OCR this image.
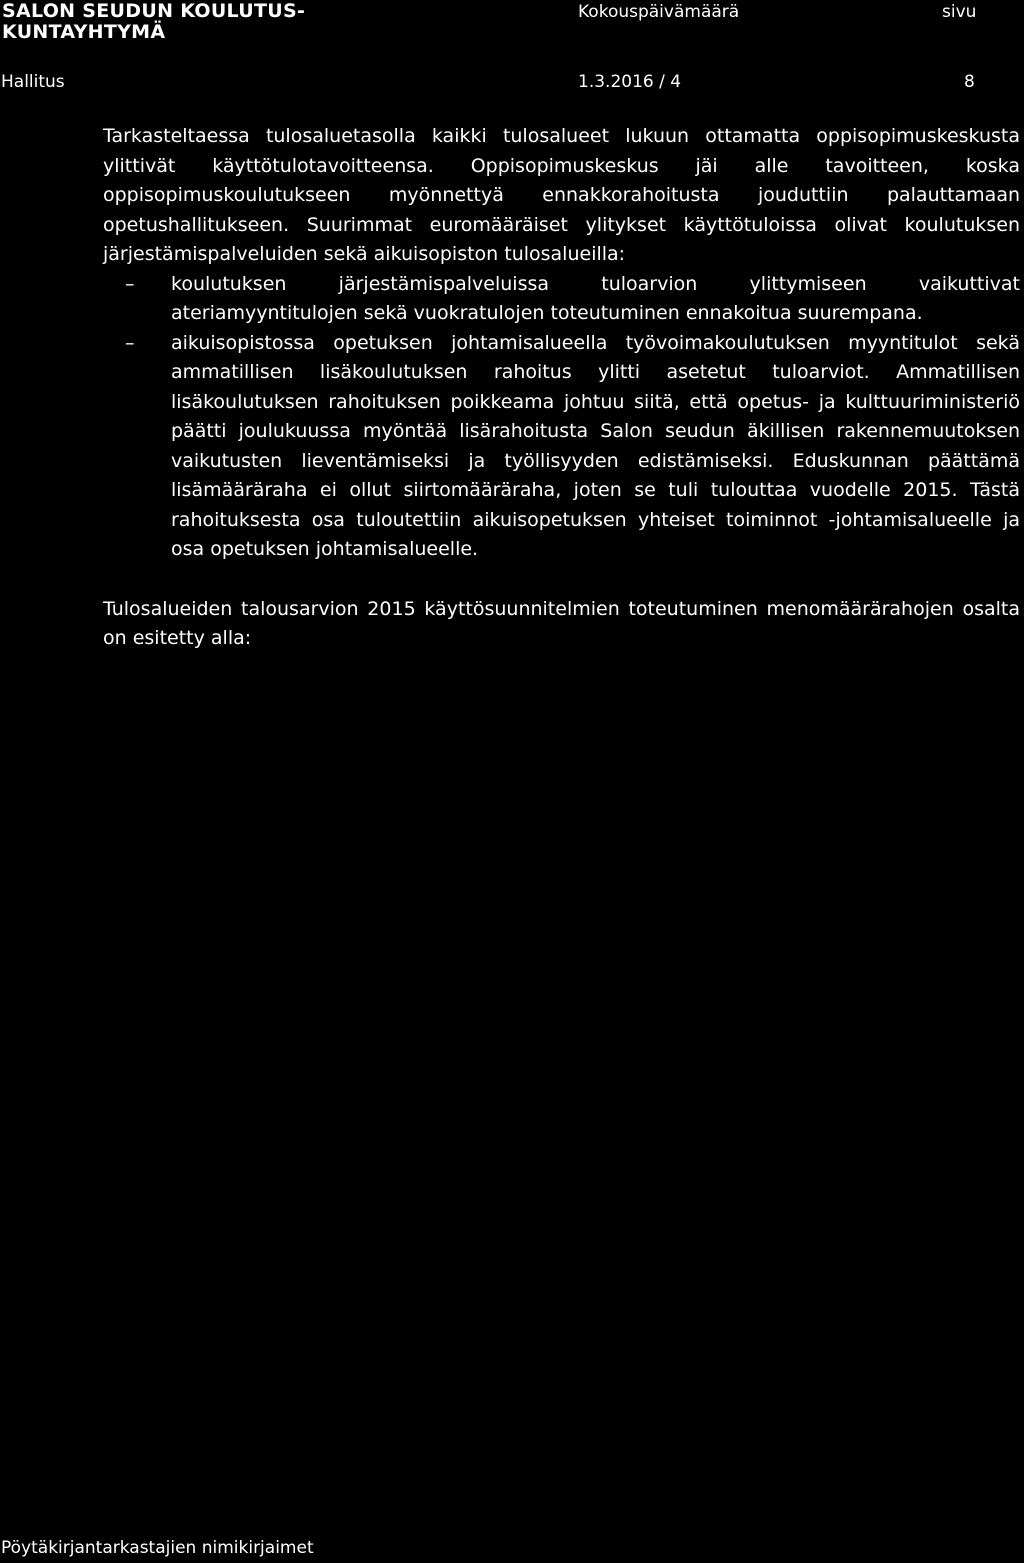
SALON SEUDUN KOULUTUS-
KUNTAYHTYMÄ
Kokouspäivämäärä	sivu
Hallitus	1.3.2016 / 4	8

Tarkasteltaessa tulosaluetasolla kaikki tulosalueet lukuun ottamatta oppisopimuskeskusta ylittivät käyttötulotavoitteensa. Oppisopimuskeskus jäi alle tavoitteen, koska oppisopimuskoulutukseen myönnettyä ennakkorahoitusta jouduttiin palauttamaan opetushallitukseen. Suurimmat euromääräiset ylitykset käyttötuloissa olivat koulutuksen järjestämispalveluiden sekä aikuisopiston tulosalueilla:

– koulutuksen järjestämispalveluissa tuloarvion ylittymiseen vaikuttivat ateriamyyntitulojen sekä vuokratulojen toteutuminen ennakoitua suurempana.
– aikuisopistossa opetuksen johtamisalueella työvoimakoulutuksen myyntitulot sekä ammatillisen lisäkoulutuksen rahoitus ylitti asetetut tuloarviot. Ammatillisen lisäkoulutuksen rahoituksen poikkeama johtuu siitä, että opetus- ja kulttuuriministeriö päätti joulukuussa myöntää lisärahoitusta Salon seudun äkillisen rakennemuutoksen vaikutusten lieventämiseksi ja työllisyyden edistämiseksi. Eduskunnan päättämä lisämääräraha ei ollut siirtomääräraha, joten se tuli tulouttaa vuodelle 2015. Tästä rahoituksesta osa tuloutettiin aikuisopetuksen yhteiset toiminnot -johtamisalueelle ja osa opetuksen johtamisalueelle.

Tulosalueiden talousarvion 2015 käyttösuunnitelmien toteutuminen menomäärärahojen osalta on esitetty alla:

Pöytäkirjantarkastajien nimikirjaimet
